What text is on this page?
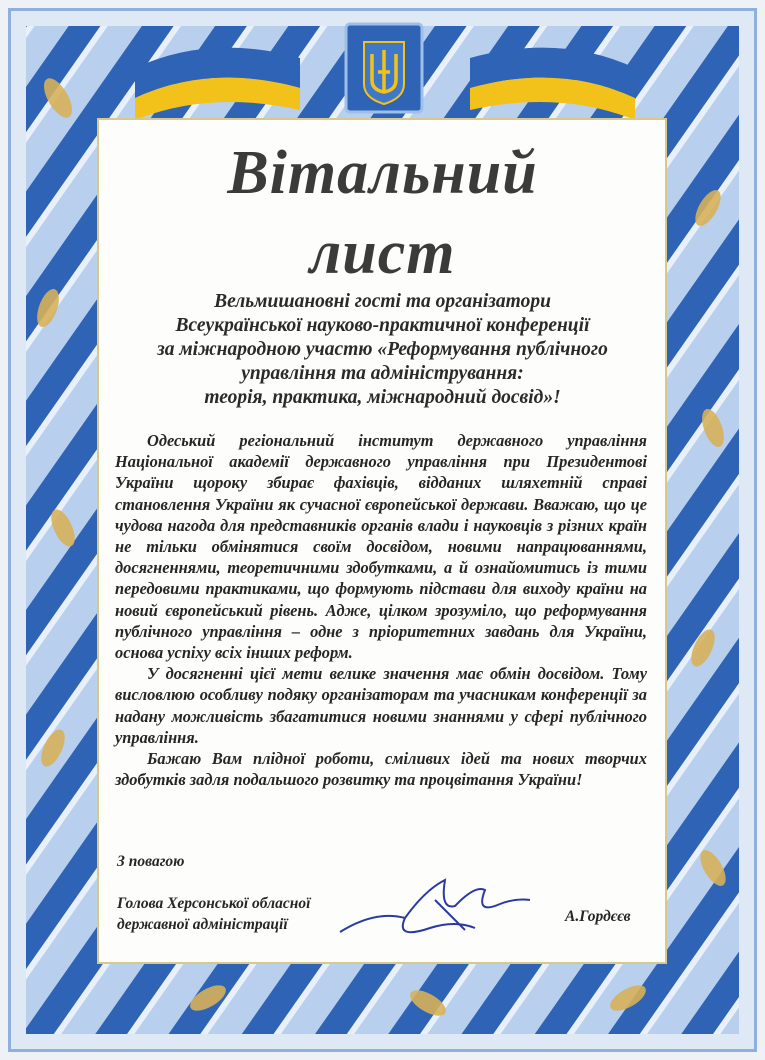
Вітальний
лист
Вельмишановні гості та організатори
Всеукраїнської науково-практичної конференції
за міжнародною участю «Реформування публічного
управління та адміністрування:
теорія, практика, міжнародний досвід»!

Одеський регіональний інститут державного управління Національної академії державного управління при Президентові України щороку збирає фахівців, відданих шляхетній справі становлення України як сучасної європейської держави. Вважаю, що це чудова нагода для представників органів влади і науковців з різних країн не тільки обмінятися своїм досвідом, новими напрацюваннями, досягненнями, теоретичними здобутками, а й ознайомитись із тими передовими практиками, що формують підстави для виходу країни на новий європейський рівень. Адже, цілком зрозуміло, що реформування публічного управління – одне з пріоритетних завдань для України, основа успіху всіх інших реформ.

У досягненні цієї мети велике значення має обмін досвідом. Тому висловлюю особливу подяку організаторам та учасникам конференції за надану можливість збагатитися новими знаннями у сфері публічного управління.

Бажаю Вам плідної роботи, сміливих ідей та нових творчих здобутків задля подальшого розвитку та процвітання України!

З повагою
Голова Херсонської обласної
державної адміністрації	А.Гордєєв
